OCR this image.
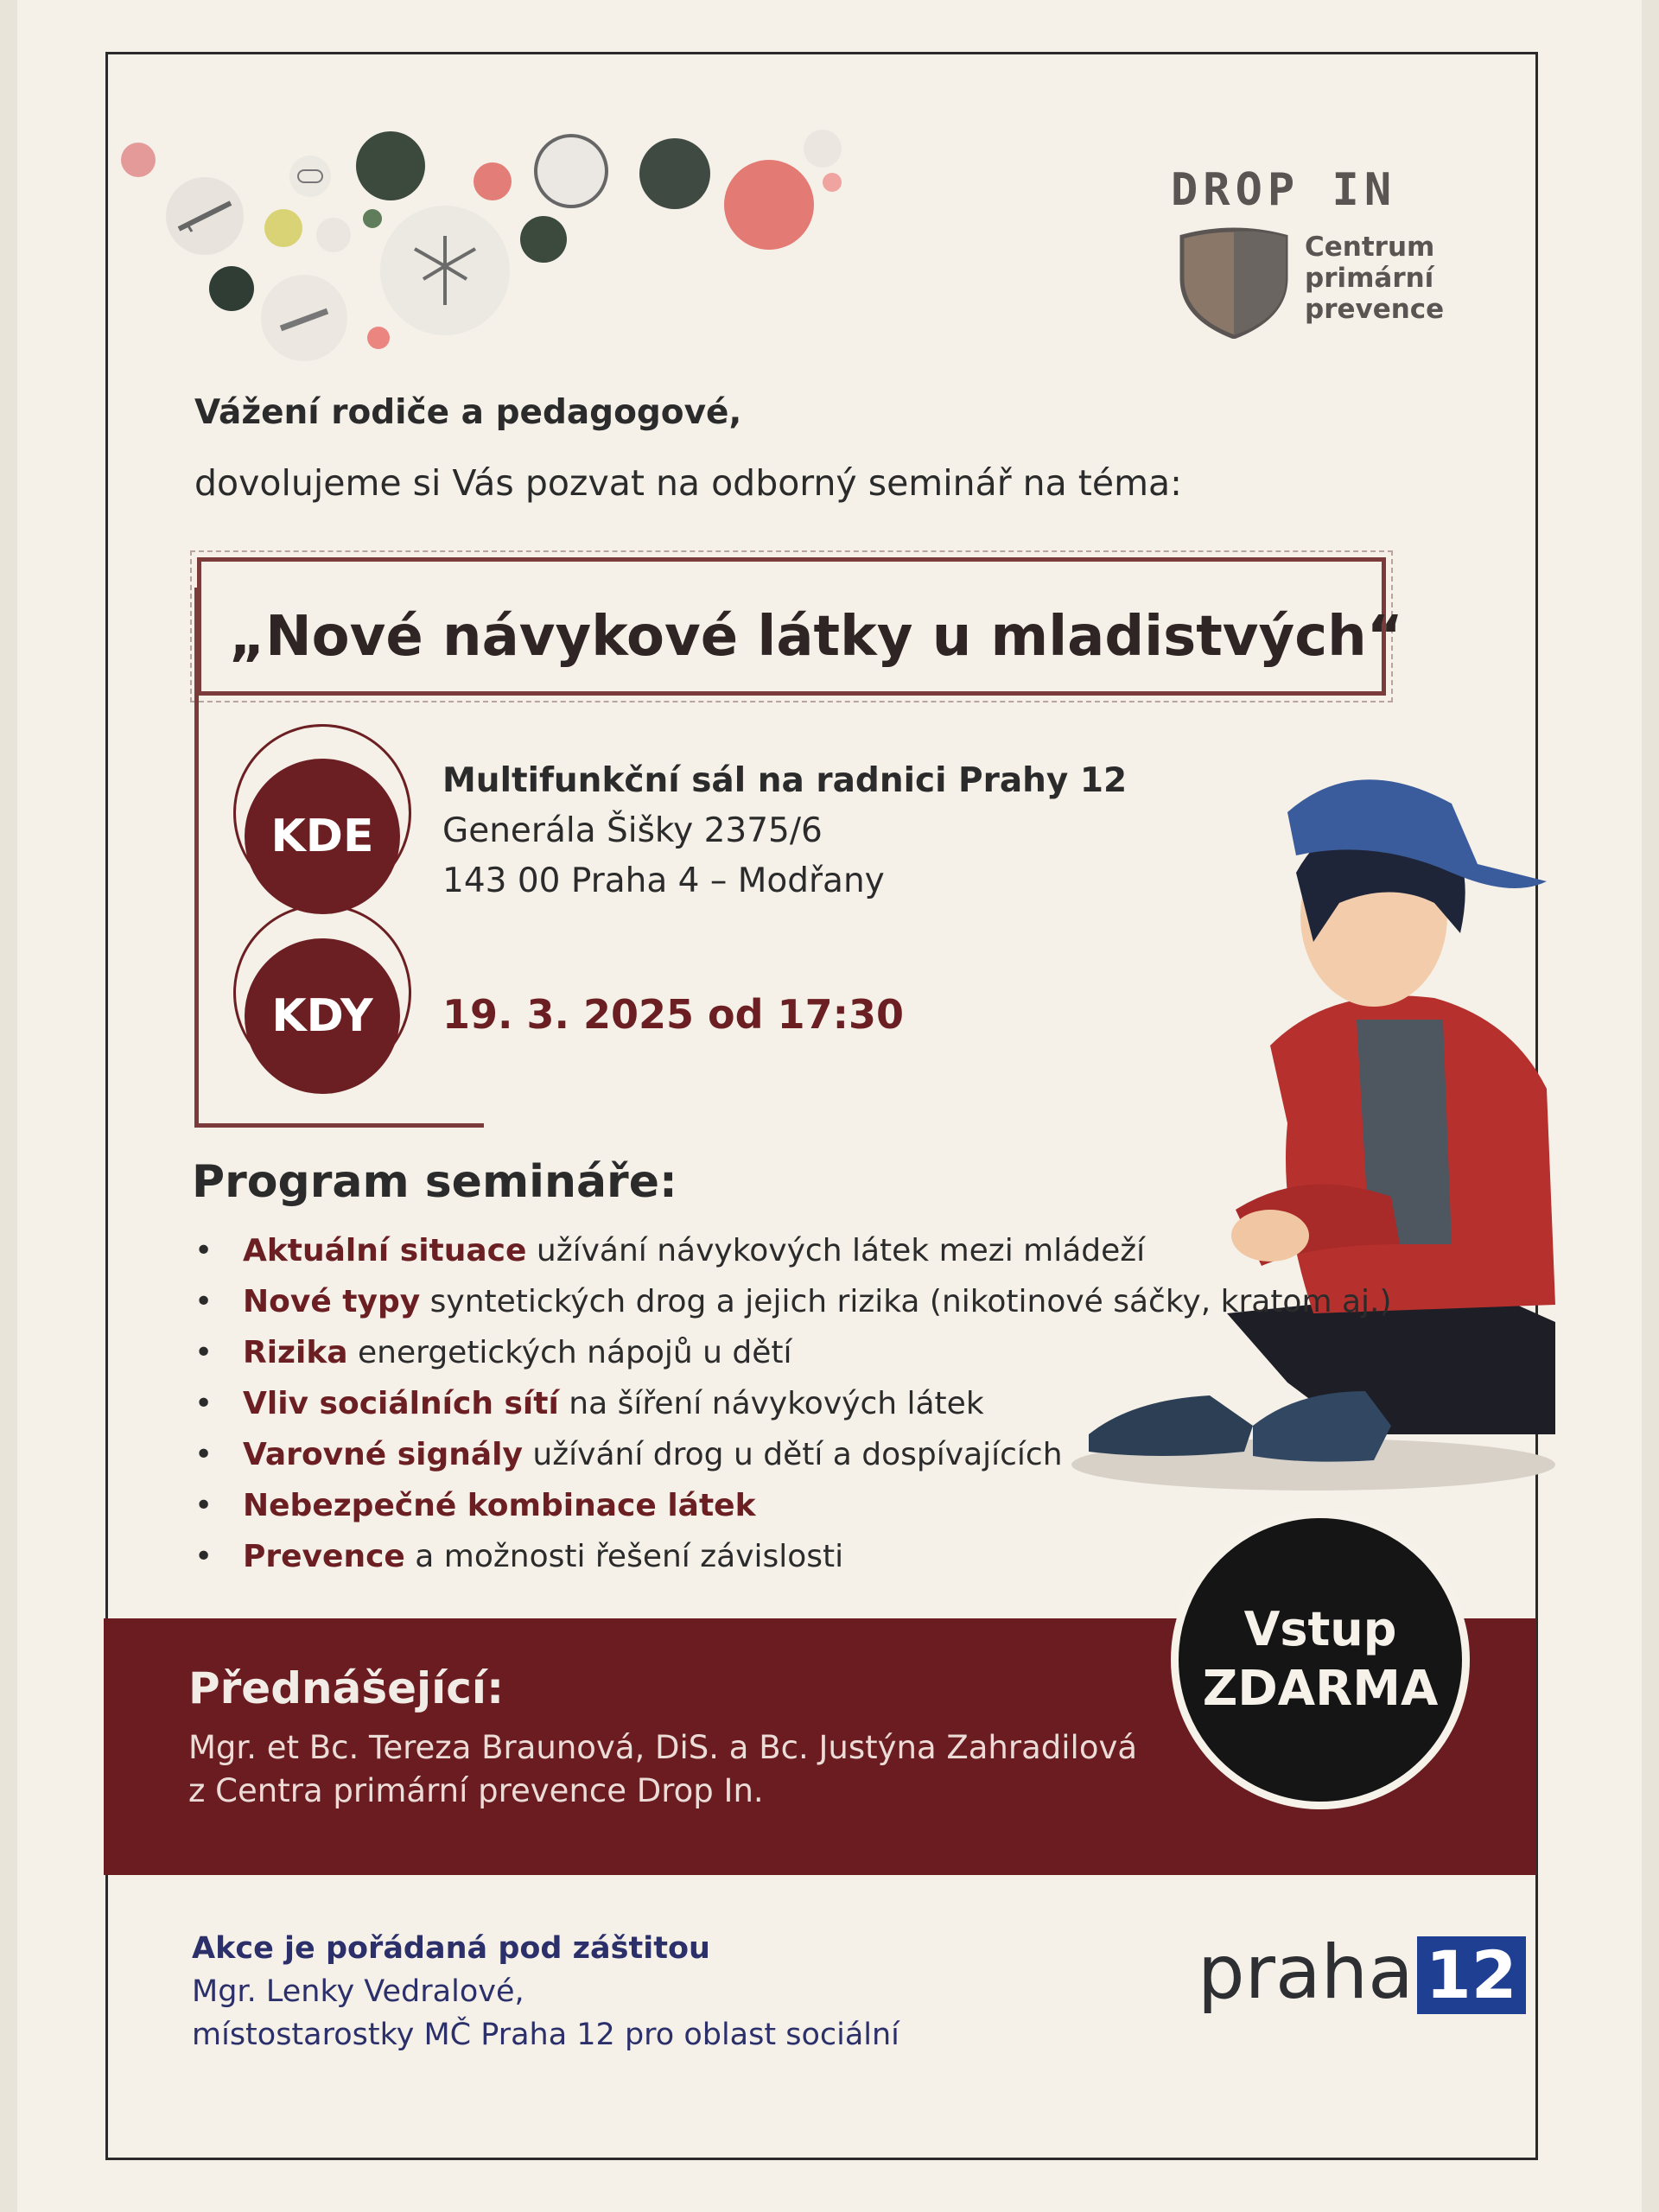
DROP IN
Centrum
primární
prevence
Vážení rodiče a pedagogové,
dovolujeme si Vás pozvat na odborný seminář na téma:
„Nové návykové látky u mladistvých“
KDE
KDY
Multifunkční sál na radnici Prahy 12
Generála Šišky 2375/6
143 00 Praha 4 – Modřany
19. 3. 2025 od 17:30
Program semináře:
• Aktuální situace užívání návykových látek mezi mládeží
• Nové typy syntetických drog a jejich rizika (nikotinové sáčky, kratom aj.)
• Rizika energetických nápojů u dětí
• Vliv sociálních sítí na šíření návykových látek
• Varovné signály užívání drog u dětí a dospívajících
• Nebezpečné kombinace látek
• Prevence a možnosti řešení závislosti
Přednášející:
Mgr. et Bc. Tereza Braunová, DiS. a Bc. Justýna Zahradilová
z Centra primární prevence Drop In.
Vstup
ZDARMA
Akce je pořádaná pod záštitou
Mgr. Lenky Vedralové,
místostarostky MČ Praha 12 pro oblast sociální
praha 12
